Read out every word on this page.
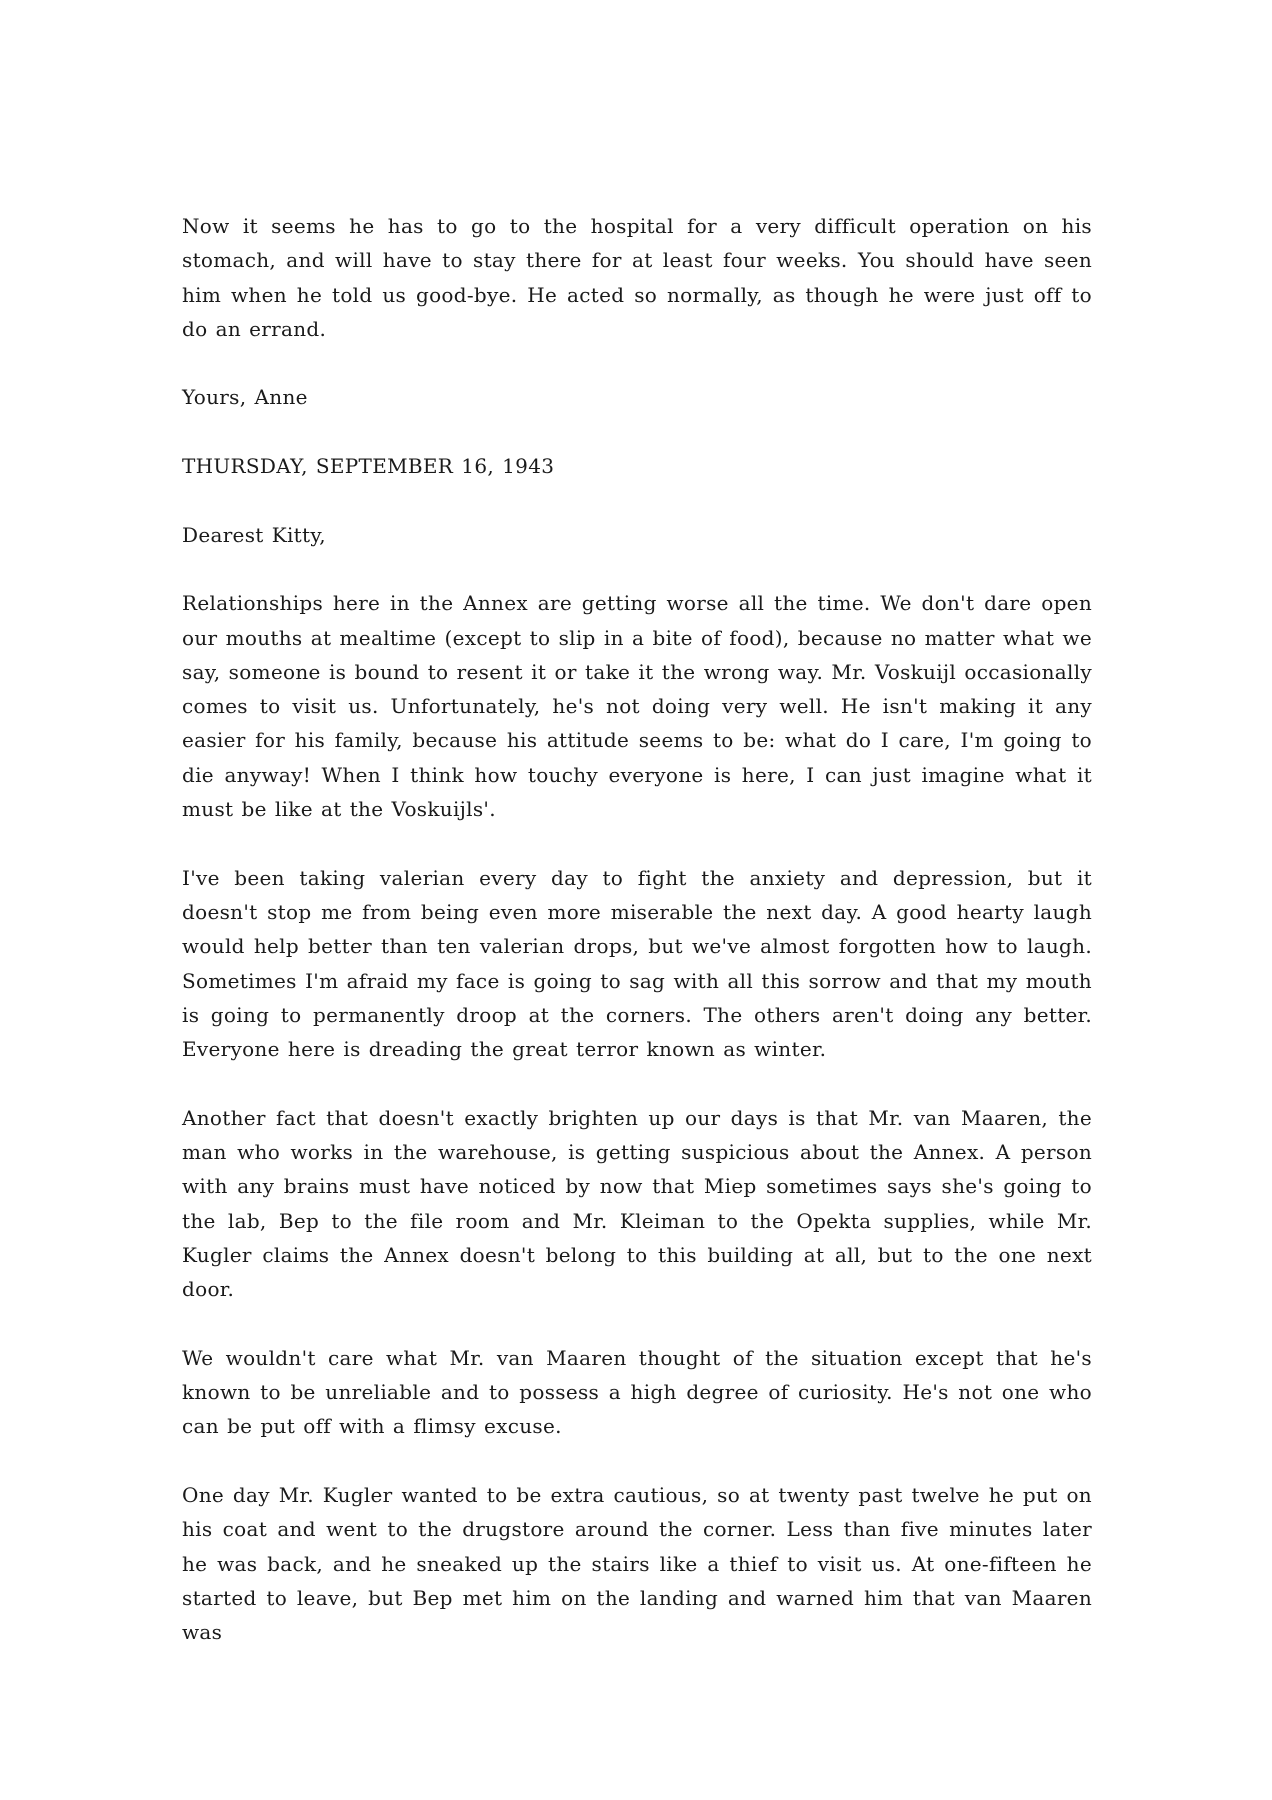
Now it seems he has to go to the hospital for a very difficult operation on his stomach, and will have to stay there for at least four weeks. You should have seen him when he told us good-bye. He acted so normally, as though he were just off to do an errand.

Yours, Anne

THURSDAY, SEPTEMBER 16, 1943

Dearest Kitty,

Relationships here in the Annex are getting worse all the time. We don't dare open our mouths at mealtime (except to slip in a bite of food), because no matter what we say, someone is bound to resent it or take it the wrong way. Mr. Voskuijl occasionally comes to visit us. Unfortunately, he's not doing very well. He isn't making it any easier for his family, because his attitude seems to be: what do I care, I'm going to die anyway! When I think how touchy everyone is here, I can just imagine what it must be like at the Voskuijls'.

I've been taking valerian every day to fight the anxiety and depression, but it doesn't stop me from being even more miserable the next day. A good hearty laugh would help better than ten valerian drops, but we've almost forgotten how to laugh. Sometimes I'm afraid my face is going to sag with all this sorrow and that my mouth is going to permanently droop at the corners. The others aren't doing any better. Everyone here is dreading the great terror known as winter.

Another fact that doesn't exactly brighten up our days is that Mr. van Maaren, the man who works in the warehouse, is getting suspicious about the Annex. A person with any brains must have noticed by now that Miep sometimes says she's going to the lab, Bep to the file room and Mr. Kleiman to the Opekta supplies, while Mr. Kugler claims the Annex doesn't belong to this building at all, but to the one next door.

We wouldn't care what Mr. van Maaren thought of the situation except that he's known to be unreliable and to possess a high degree of curiosity. He's not one who can be put off with a flimsy excuse.

One day Mr. Kugler wanted to be extra cautious, so at twenty past twelve he put on his coat and went to the drugstore around the corner. Less than five minutes later he was back, and he sneaked up the stairs like a thief to visit us. At one-fifteen he started to leave, but Bep met him on the landing and warned him that van Maaren was
